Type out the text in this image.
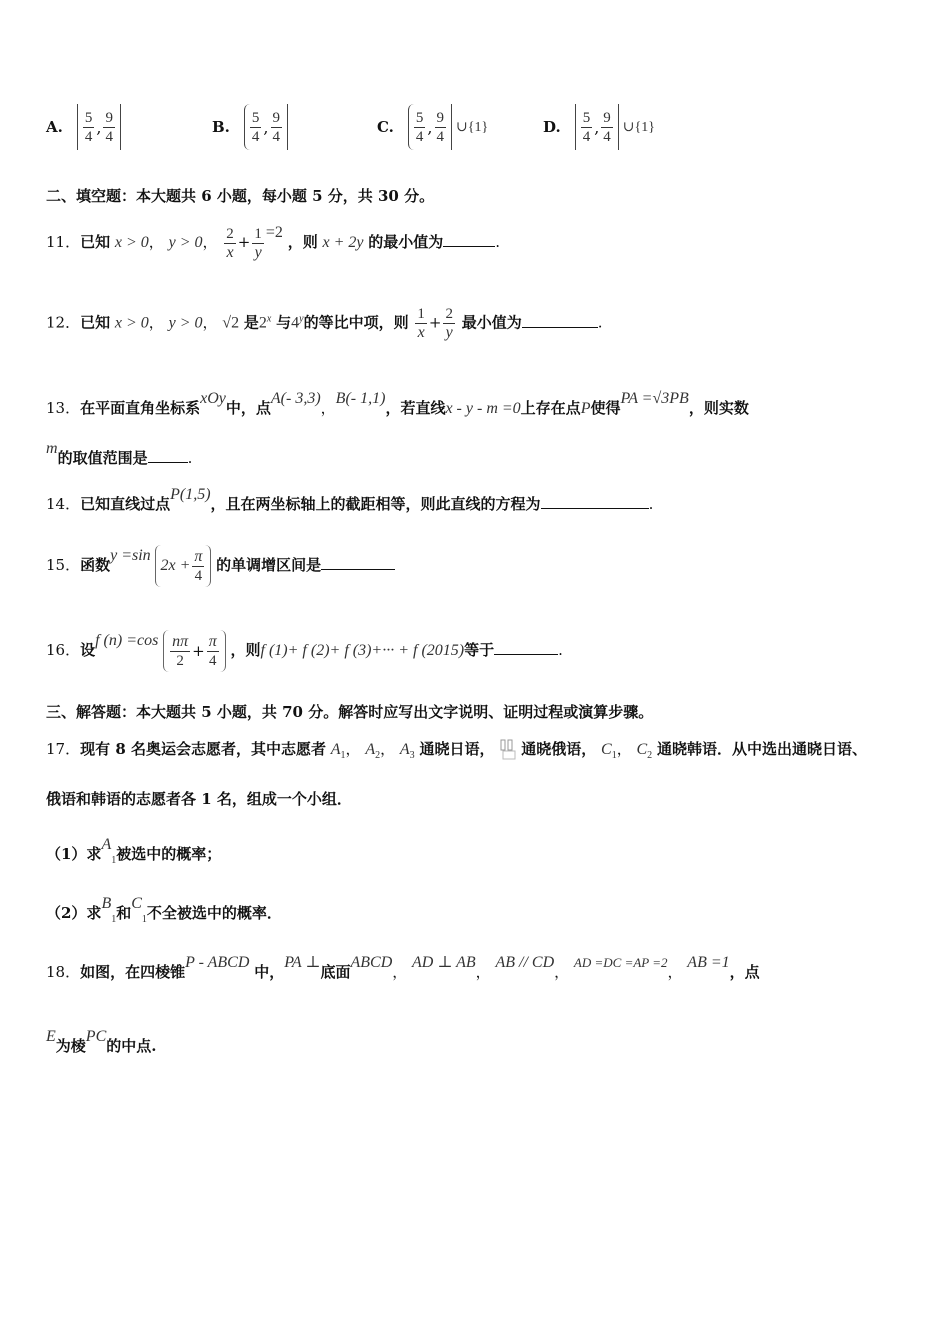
A. $\frac{5}{4}$ , $\frac{9}{4}$	B. $\frac{5}{4}$ , $\frac{9}{4}$	C. $\frac{5}{4}$ , $\frac{9}{4}$ ∪{1}	D. $\frac{5}{4}$ , $\frac{9}{4}$ ∪{1}
二、填空题：本大题共 6 小题，每小题 5 分，共 30 分。
11．已知 x > 0， y > 0， $\frac{2}{x} + \frac{1}{y} =2$ ，则 x + 2y 的最小值为	.
12．已知 x > 0， y > 0， √2 是2$^x$ 与4$^y$的等比中项，则 $\frac{1}{x} + \frac{2}{y}$ 最小值为	.
13．在平面直角坐标系xOy中，点A(- 3,3)，B(- 1,1)，若直线x - y - m =0上存在点P使得PA =√3PB，则实数
m的取值范围是	.
14．已知直线过点P(1,5)，且在两坐标轴上的截距相等，则此直线的方程为	.
15．函数y =sin
$2x + \frac{\pi}{4}$ 的单调增区间是
16．设f $(n) =\cos \frac{n\pi}{2} + \frac{\pi}{4}$ ，则f (1)+ f (2)+ f (3)+··· + f (2015)等于	.
三、解答题：本大题共 5 小题，共 70 分。解答时应写出文字说明、证明过程或演算步骤。
17．现有 8 名奥运会志愿者，其中志愿者 $A_1$， $A_2$， $A_3$ 通晓日语， 通晓俄语， $C_1$， $C_2$ 通晓韩语．从中选出通晓日语、
俄语和韩语的志愿者各 1 名，组成一个小组．
（1）求$A_1$被选中的概率；
（2）求$B_1$和$C_1$不全被选中的概率．
18．如图，在四棱锥P - ABCD 中，PA ⊥底面ABCD， AD ⊥ AB， AB // CD， AD =DC =AP =2， AB =1，点
E为棱PC的中点.
